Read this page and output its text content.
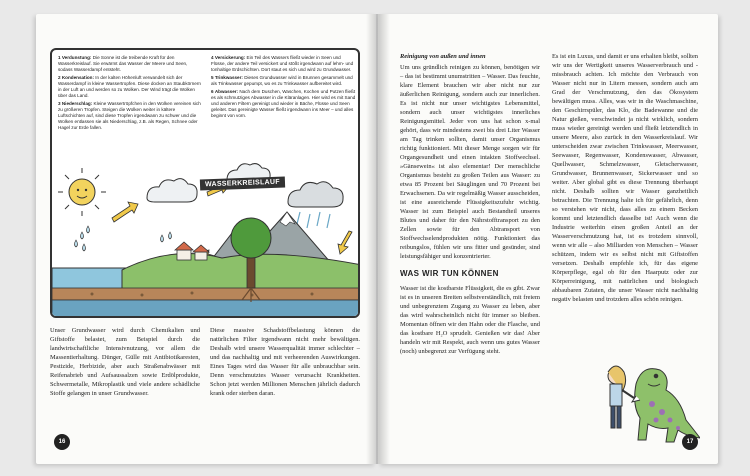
1 Verdunstung: Die Sonne ist die treibende Kraft für den Wasserkreislauf. Sie erwärmt das Wasser der Meere und Seen, sodass Wasserdampf entsteht.

2 Kondensation: In der kalten Höhenluft verwandelt sich der Wasserdampf in kleine Wassertropfen. Diese docken an Staubkörnern in der Luft an und werden so zu Wolken. Der Wind trägt die Wolken über das Land.

3 Niederschlag: Kleine Wassertröpfchen in den Wolken vereinen sich zu größeren Tropfen. Steigen die Wolken weiter in kältere Luftschichten auf, sind diese Tropfen irgendwann zu schwer und die Wolken entlassen sie als Niederschlag, z.B. als Regen, Schnee oder Hagel zur Erde fallen.

4 Versickerung: Ein Teil des Wassers fließt wieder in Seen und Flüsse, der andere Teil versickert und stößt irgendwann auf lehm- und tonhaltige Erdschichten. Dort staut es sich und wird zu Grundwasser.

5 Trinkwasser: Dieses Grundwasser wird in Brunnen gesammelt und als Trinkwasser gepumpt, wo es zu Trinkwasser aufbereitet wird.

6 Abwasser: Nach dem Duschen, Waschen, Kochen und Putzen fließt es als schmutziges Abwasser in die Kläranlagen. Hier wird es mit Sand und anderen Filtern gereinigt und wieder in Bäche, Flüsse und Seen geleitet. Das gereinigte Wasser fließt irgendwann ins Meer – und alles beginnt von vorn.

WASSERKREISLAUF
Unser Grundwasser wird durch Chemikalien und Giftstoffe belastet, zum Beispiel durch die landwirtschaftliche Intensivnutzung, vor allem die Massentierhaltung. Dünger, Gülle mit Antibiotikaresten, Pestizide, Herbizide, aber auch Straßenabwässer mit Reifenabrieb und Aufsaussalzen sowie Erdölprodukte, Schwermetalle, Mikroplastik und viele andere schädliche Stoffe gelangen in unser Grundwasser.
Diese massive Schadstoffbelastung können die natürlichen Filter irgendwann nicht mehr bewältigen. Deshalb wird unsere Wasserqualität immer schlechter – und das nachhaltig und mit verheerenden Auswirkungen. Eines Tages wird das Wasser für alle unbrauchbar sein. Denn verschmutztes Wasser verursacht Krankheiten. Schon jetzt werden Millionen Menschen jährlich dadurch krank oder sterben daran.
16
Reinigung von außen und innen
Um uns gründlich reinigen zu können, benötigen wir – das ist bestimmt unumstritten – Wasser. Das feuchte, klare Element brauchen wir aber nicht nur zur äußerlichen Reinigung, sondern auch zur innerlichen. Es ist nicht nur unser wichtigstes Lebensmittel, sondern auch unser wichtigstes innerliches Reinigungsmittel. Jeder von uns hat schon x-mal gehört, dass wir mindestens zwei bis drei Liter Wasser am Tag trinken sollten, damit unser Organismus richtig funktioniert. Mit dieser Menge sorgen wir für Organgesundheit und einen intakten Stoffwechsel. »Gänsewein« ist also elementar! Der menschliche Organismus besteht zu großen Teilen aus Wasser: zu etwa 85 Prozent bei Säuglingen und 70 Prozent bei Erwachsenen. Da wir regelmäßig Wasser ausscheiden, ist eine ausreichende Flüssigkeitszufuhr wichtig. Wasser ist zum Beispiel auch Bestandteil unseres Blutes und daher für den Nährstofftransport zu den Zellen sowie für den Abtransport von Stoffwechselendprodukten nötig. Funktioniert das reibungslos, fühlen wir uns fitter und gesünder, sind leistungsfähiger und konzentrierter.
WAS WIR TUN KÖNNEN
Wasser ist die kostbarste Flüssigkeit, die es gibt. Zwar ist es in unseren Breiten selbstverständlich, mit freiem und unbegrenztem Zugang zu Wasser zu leben, aber das wird wahrscheinlich nicht für immer so bleiben. Momentan öffnen wir den Hahn oder die Flasche, und das kostbare H₂O sprudelt. Genießen wir das! Aber handeln wir mit Respekt, auch wenn uns gutes Wasser (noch) unbegrenzt zur Verfügung steht.
Es ist ein Luxus, und damit er uns erhalten bleibt, sollten wir uns der Wertigkeit unseres Wasserverbrauch und -missbrauch achten. Ich möchte den Verbrauch von Wasser nicht nur in Litern messen, sondern auch am Grad der Verschmutzung, den das Ökosystem bewältigen muss. Alles, was wir in die Waschmaschine, den Geschirrspüler, das Klo, die Badewanne und die Natur gießen, verschwindet ja nicht wirklich, sondern muss wieder gereinigt werden und fließt letztendlich in unsere Meere, also zurück in den Wasserkreislauf. Wir unterscheiden zwar zwischen Trinkwasser, Meerwasser, Seewasser, Regenwasser, Kondenswasser, Abwasser, Quellwasser, Schmelzwasser, Gletscherwasser, Grundwasser, Brunnenwasser, Sickerwasser und so weiter. Aber global gibt es diese Trennung überhaupt nicht. Deshalb sollten wir Wasser ganzheitlich betrachten. Die Trennung halte ich für gefährlich, denn so verstehen wir nicht, dass alles zu einem Becken kommt und letztendlich dasselbe ist! Auch wenn die Industrie weiterhin einen großen Anteil an der Wasserverschmutzung hat, ist es trotzdem sinnvoll, wenn wir alle – also Milliarden von Menschen – Wasser schützen, indem wir es selbst nicht mit Giftstoffen versetzen. Deshalb empfehle ich, für das eigene Körperpflege, egal ob für den Haarputz oder zur Körperreinigung, mit natürlichen und biologisch abbaubaren Zutaten, die unser Wasser nicht nachhaltig negativ belasten und trotzdem alles schön reinigen.
17
